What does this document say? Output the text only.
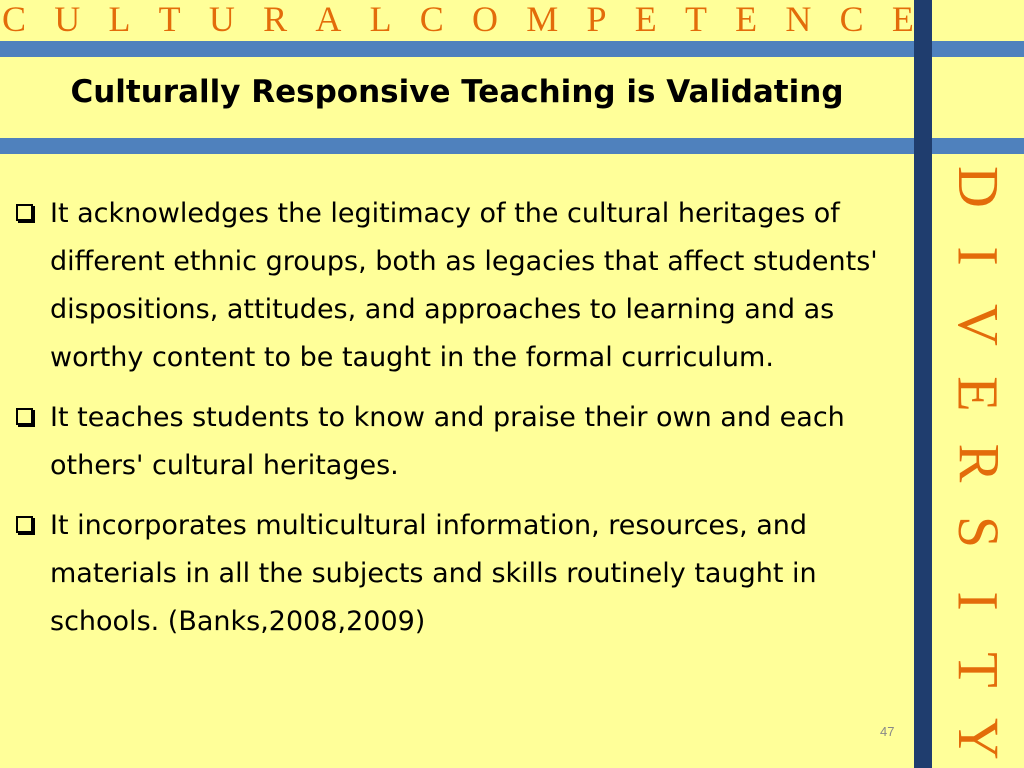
C U L T U R A L C O M P E T E N C E
Culturally Responsive Teaching is Validating
D
I
V
E
R
S
I
T
Y
It acknowledges the legitimacy of the cultural heritages of different ethnic groups, both as legacies that affect students' dispositions, attitudes, and approaches to learning and as worthy content to be taught in the formal curriculum.
It teaches students to know and praise their own and each others' cultural heritages.
It incorporates multicultural information, resources, and materials in all the subjects and skills routinely taught in schools. (Banks,2008,2009)
47
